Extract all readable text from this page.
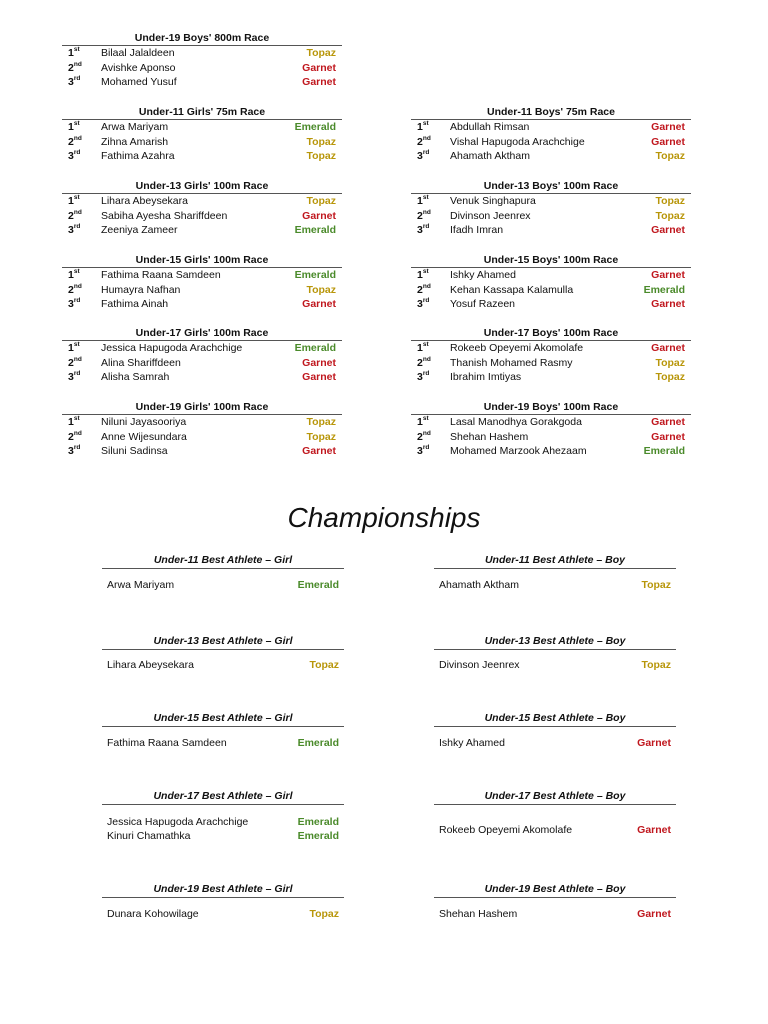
Under-19 Boys' 800m Race
1st Bilaal Jalaldeen	Topaz
2nd Avishke Aponso	Garnet
3rd Mohamed Yusuf	Garnet
Under-11 Girls' 75m Race
1st Arwa Mariyam	Emerald
2nd Zihna Amarish	Topaz
3rd Fathima Azahra	Topaz
Under-11 Boys' 75m Race
1st Abdullah Rimsan	Garnet
2nd Vishal Hapugoda Arachchige	Garnet
3rd Ahamath Aktham	Topaz
Under-13 Girls' 100m Race
1st Lihara Abeysekara	Topaz
2nd Sabiha Ayesha Shariffdeen	Garnet
3rd Zeeniya Zameer	Emerald
Under-13 Boys' 100m Race
1st Venuk Singhapura	Topaz
2nd Divinson Jeenrex	Topaz
3rd Ifadh Imran	Garnet
Under-15 Girls' 100m Race
1st Fathima Raana Samdeen	Emerald
2nd Humayra Nafhan	Topaz
3rd Fathima Ainah	Garnet
Under-15 Boys' 100m Race
1st Ishky Ahamed	Garnet
2nd Kehan Kassapa Kalamulla	Emerald
3rd Yosuf Razeen	Garnet
Under-17 Girls' 100m Race
1st Jessica Hapugoda Arachchige	Emerald
2nd Alina Shariffdeen	Garnet
3rd Alisha Samrah	Garnet
Under-17 Boys' 100m Race
1st Rokeeb Opeyemi Akomolafe	Garnet
2nd Thanish Mohamed Rasmy	Topaz
3rd Ibrahim Imtiyas	Topaz
Under-19 Girls' 100m Race
1st Niluni Jayasooriya	Topaz
2nd Anne Wijesundara	Topaz
3rd Siluni Sadinsa	Garnet
Under-19 Boys' 100m Race
1st Lasal Manodhya Gorakgoda	Garnet
2nd Shehan Hashem	Garnet
3rd Mohamed Marzook Ahezaam	Emerald
Championships
Under-11 Best Athlete – Girl
Arwa Mariyam	Emerald
Under-11 Best Athlete – Boy
Ahamath Aktham	Topaz
Under-13 Best Athlete – Girl
Lihara Abeysekara	Topaz
Under-13 Best Athlete – Boy
Divinson Jeenrex	Topaz
Under-15 Best Athlete – Girl
Fathima Raana Samdeen	Emerald
Under-15 Best Athlete – Boy
Ishky Ahamed	Garnet
Under-17 Best Athlete – Girl
Jessica Hapugoda Arachchige	Emerald
Kinuri Chamathka	Emerald
Under-17 Best Athlete – Boy
Rokeeb Opeyemi Akomolafe	Garnet
Under-19 Best Athlete – Girl
Dunara Kohowilage	Topaz
Under-19 Best Athlete – Boy
Shehan Hashem	Garnet
